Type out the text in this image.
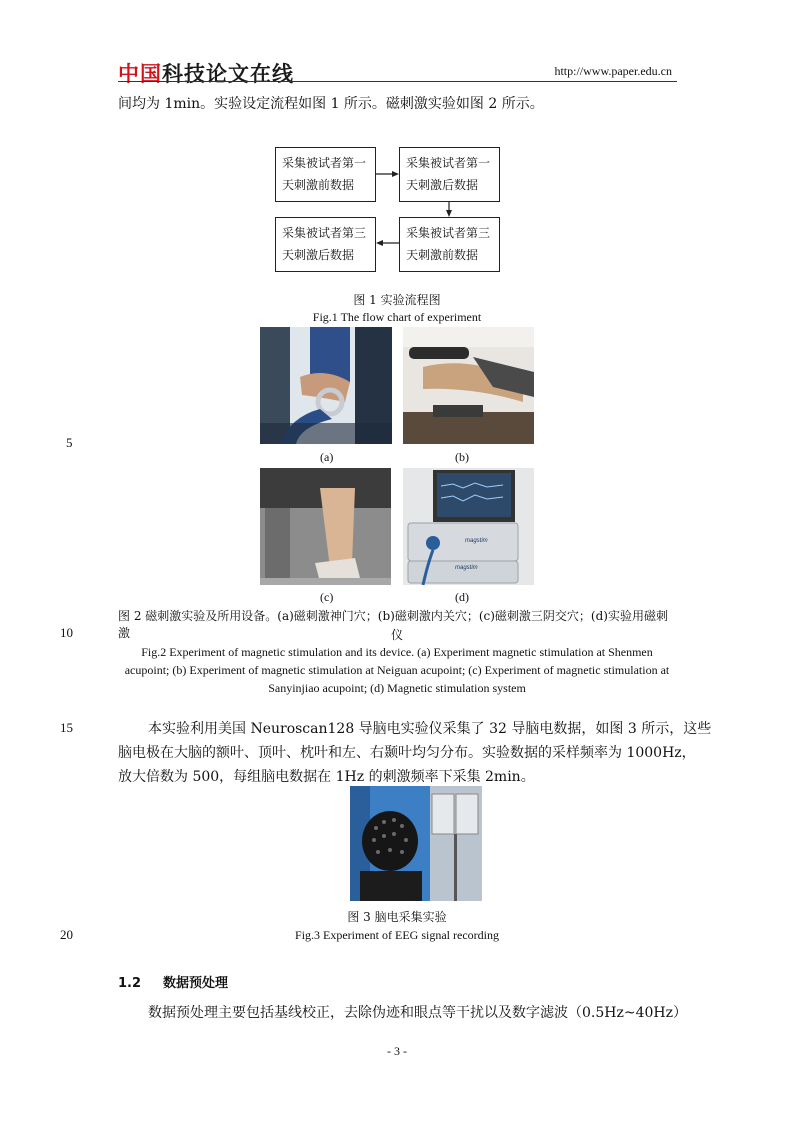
中国科技论文在线	http://www.paper.edu.cn
间均为 1min。实验设定流程如图 1 所示。磁刺激实验如图 2 所示。
采集被试者第一
天刺激前数据
采集被试者第一
天刺激后数据
采集被试者第三
天刺激后数据
采集被试者第三
天刺激前数据
图 1 实验流程图
Fig.1 The flow chart of experiment
(a)	(b)
magstim
magstim
(c)	(d)
图 2 磁刺激实验及所用设备。(a)磁刺激神门穴；(b)磁刺激内关穴；(c)磁刺激三阴交穴；(d)实验用磁刺激	仪
Fig.2 Experiment of magnetic stimulation and its device. (a) Experiment magnetic stimulation at Shenmen
acupoint; (b) Experiment of magnetic stimulation at Neiguan acupoint; (c) Experiment of magnetic stimulation at
Sanyinjiao acupoint; (d) Magnetic stimulation system
本实验利用美国 Neuroscan128 导脑电实验仪采集了 32 导脑电数据，如图 3 所示，这些
脑电极在大脑的额叶、顶叶、枕叶和左、右颞叶均匀分布。实验数据的采样频率为 1000Hz，
放大倍数为 500，每组脑电数据在 1Hz 的刺激频率下采集 2min。
图 3 脑电采集实验
Fig.3 Experiment of EEG signal recording
1.2 数据预处理
数据预处理主要包括基线校正，去除伪迹和眼点等干扰以及数字滤波（0.5Hz~40Hz）
5
10
15
20
- 3 -
